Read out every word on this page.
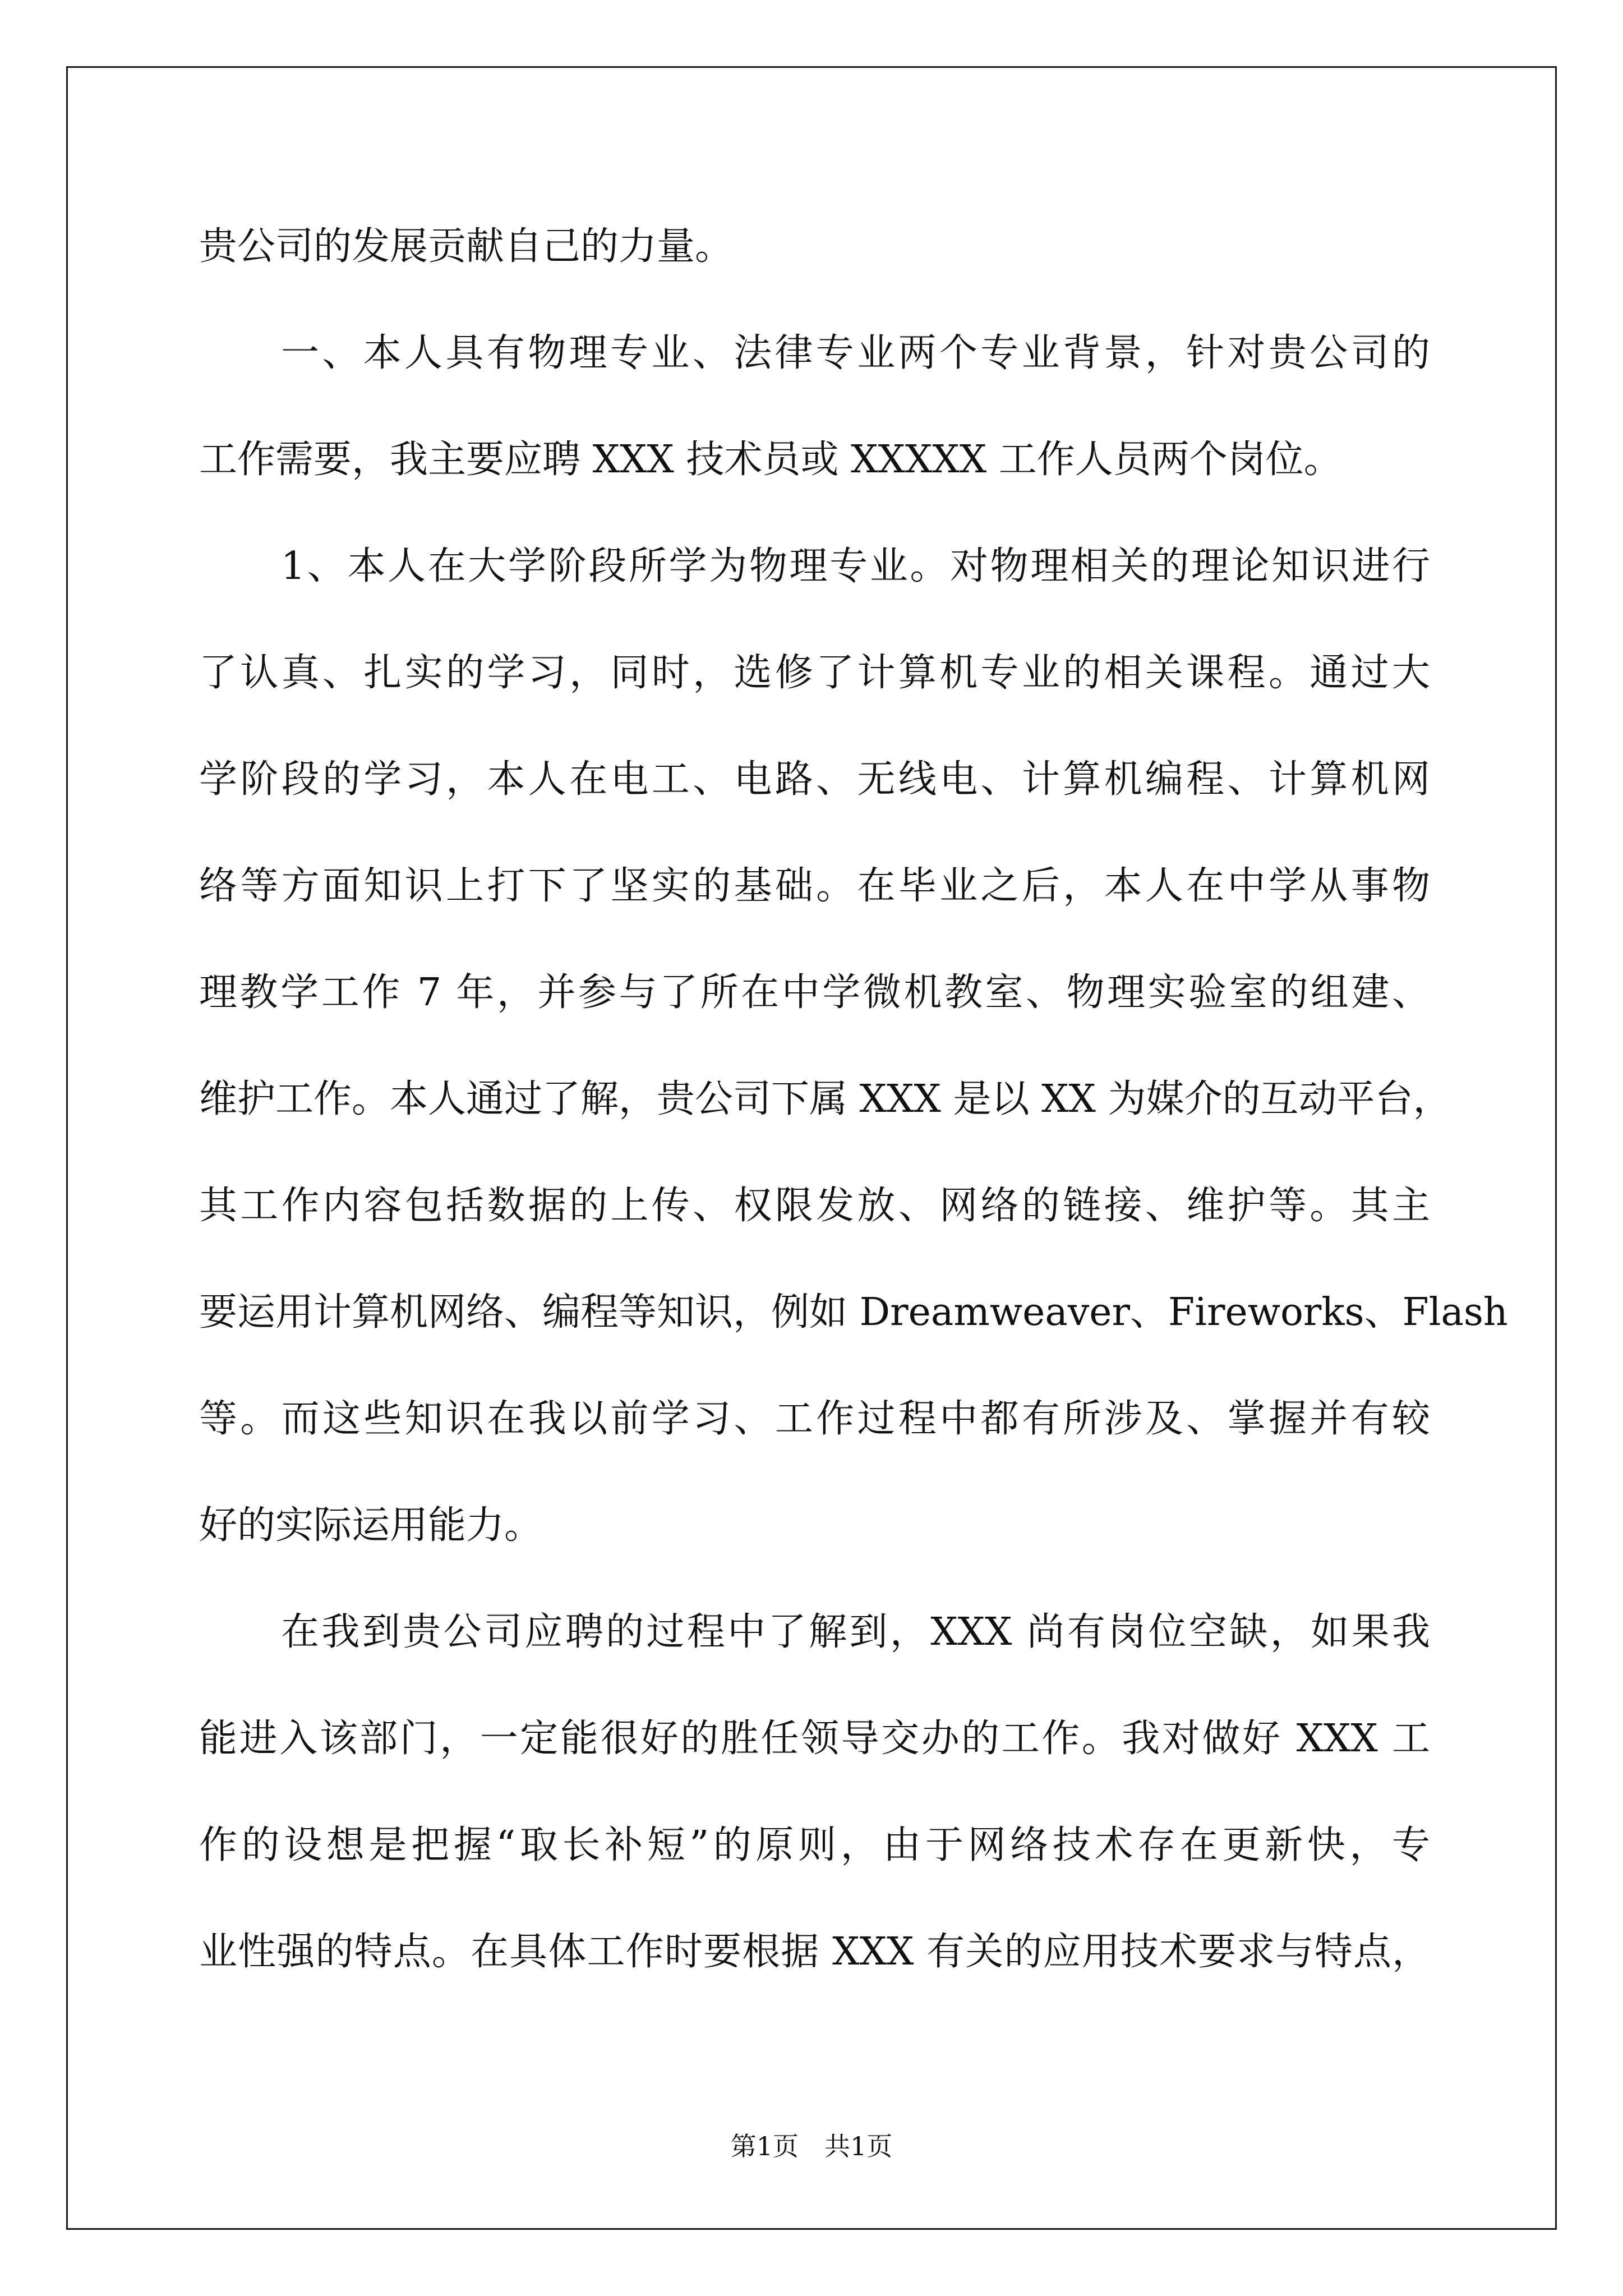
贵公司的发展贡献自己的力量。
一、本人具有物理专业、法律专业两个专业背景，针对贵公司的
工作需要，我主要应聘 XXX 技术员或 XXXXX 工作人员两个岗位。
1、本人在大学阶段所学为物理专业。对物理相关的理论知识进行
了认真、扎实的学习，同时，选修了计算机专业的相关课程。通过大
学阶段的学习，本人在电工、电路、无线电、计算机编程、计算机网
络等方面知识上打下了坚实的基础。在毕业之后，本人在中学从事物
理教学工作 7 年，并参与了所在中学微机教室、物理实验室的组建、
维护工作。本人通过了解，贵公司下属 XXX 是以 XX 为媒介的互动平台，
其工作内容包括数据的上传、权限发放、网络的链接、维护等。其主
要运用计算机网络、编程等知识，例如 Dreamweaver、Fireworks、Flash
等。而这些知识在我以前学习、工作过程中都有所涉及、掌握并有较
好的实际运用能力。
在我到贵公司应聘的过程中了解到，XXX 尚有岗位空缺，如果我
能进入该部门，一定能很好的胜任领导交办的工作。我对做好 XXX 工
作的设想是把握“取长补短”的原则，由于网络技术存在更新快，专
业性强的特点。在具体工作时要根据 XXX 有关的应用技术要求与特点，
第1页　共1页
